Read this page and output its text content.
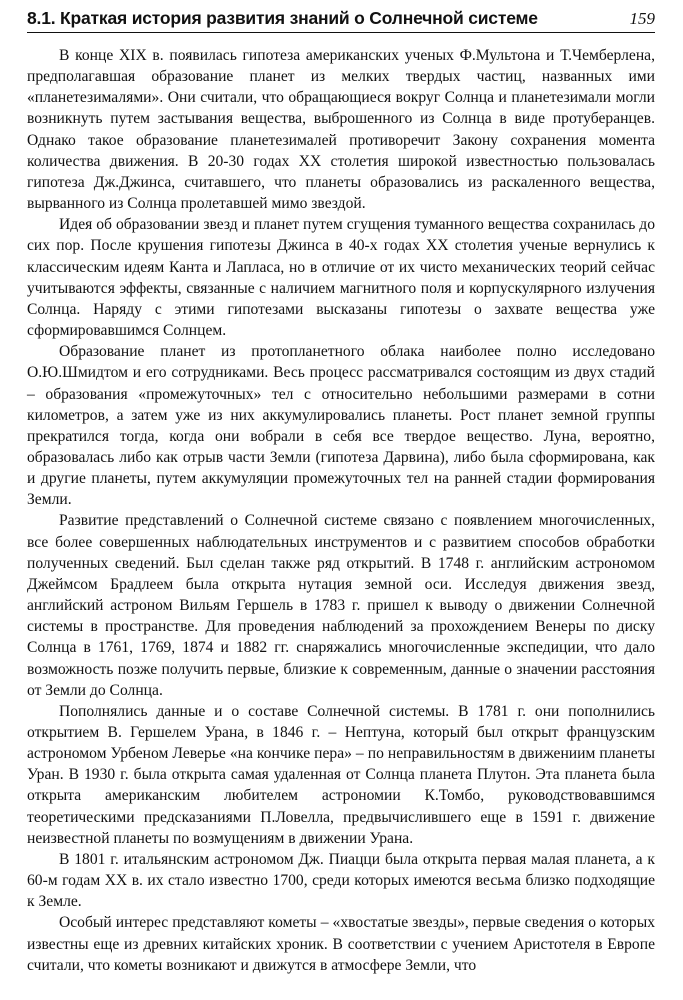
8.1. Краткая история развития знаний о Солнечной системе	159

В конце XIX в. появилась гипотеза американских ученых Ф.Мультона и Т.Чемберлена, предполагавшая образование планет из мелких твердых частиц, названных ими «планетезималями». Они считали, что обращающиеся вокруг Солнца и планетезимали могли возникнуть путем застывания вещества, выброшенного из Солнца в виде протуберанцев. Однако такое образование планетезималей противоречит Закону сохранения момента количества движения. В 20-30 годах XX столетия широкой известностью пользовалась гипотеза Дж.Джинса, считавшего, что планеты образовались из раскаленного вещества, вырванного из Солнца пролетавшей мимо звездой.

Идея об образовании звезд и планет путем сгущения туманного вещества сохранилась до сих пор. После крушения гипотезы Джинса в 40-х годах XX столетия ученые вернулись к классическим идеям Канта и Лапласа, но в отличие от их чисто механических теорий сейчас учитываются эффекты, связанные с наличием магнитного поля и корпускулярного излучения Солнца. Наряду с этими гипотезами высказаны гипотезы о захвате вещества уже сформировавшимся Солнцем.

Образование планет из протопланетного облака наиболее полно исследовано О.Ю.Шмидтом и его сотрудниками. Весь процесс рассматривался состоящим из двух стадий – образования «промежуточных» тел с относительно небольшими размерами в сотни километров, а затем уже из них аккумулировались планеты. Рост планет земной группы прекратился тогда, когда они вобрали в себя все твердое вещество. Луна, вероятно, образовалась либо как отрыв части Земли (гипотеза Дарвина), либо была сформирована, как и другие планеты, путем аккумуляции промежуточных тел на ранней стадии формирования Земли.

Развитие представлений о Солнечной системе связано с появлением многочисленных, все более совершенных наблюдательных инструментов и с развитием способов обработки полученных сведений. Был сделан также ряд открытий. В 1748 г. английским астрономом Джеймсом Брадлеем была открыта нутация земной оси. Исследуя движения звезд, английский астроном Вильям Гершель в 1783 г. пришел к выводу о движении Солнечной системы в пространстве. Для проведения наблюдений за прохождением Венеры по диску Солнца в 1761, 1769, 1874 и 1882 гг. снаряжались многочисленные экспедиции, что дало возможность позже получить первые, близкие к современным, данные о значении расстояния от Земли до Солнца.

Пополнялись данные и о составе Солнечной системы. В 1781 г. они пополнились открытием В. Гершелем Урана, в 1846 г. – Нептуна, который был открыт французским астрономом Урбеном Леверье «на кончике пера» – по неправильностям в движениим планеты Уран. В 1930 г. была открыта самая удаленная от Солнца планета Плутон. Эта планета была открыта американским любителем астрономии К.Томбо, руководствовавшимся теоретическими предсказаниями П.Ловелла, предвычислившего еще в 1591 г. движение неизвестной планеты по возмущениям в движении Урана.

В 1801 г. итальянским астрономом Дж. Пиацци была открыта первая малая планета, а к 60-м годам XX в. их стало известно 1700, среди которых имеются весьма близко подходящие к Земле.

Особый интерес представляют кометы – «хвостатые звезды», первые сведения о которых известны еще из древних китайских хроник. В соответствии с учением Аристотеля в Европе считали, что кометы возникают и движутся в атмосфере Земли, что
